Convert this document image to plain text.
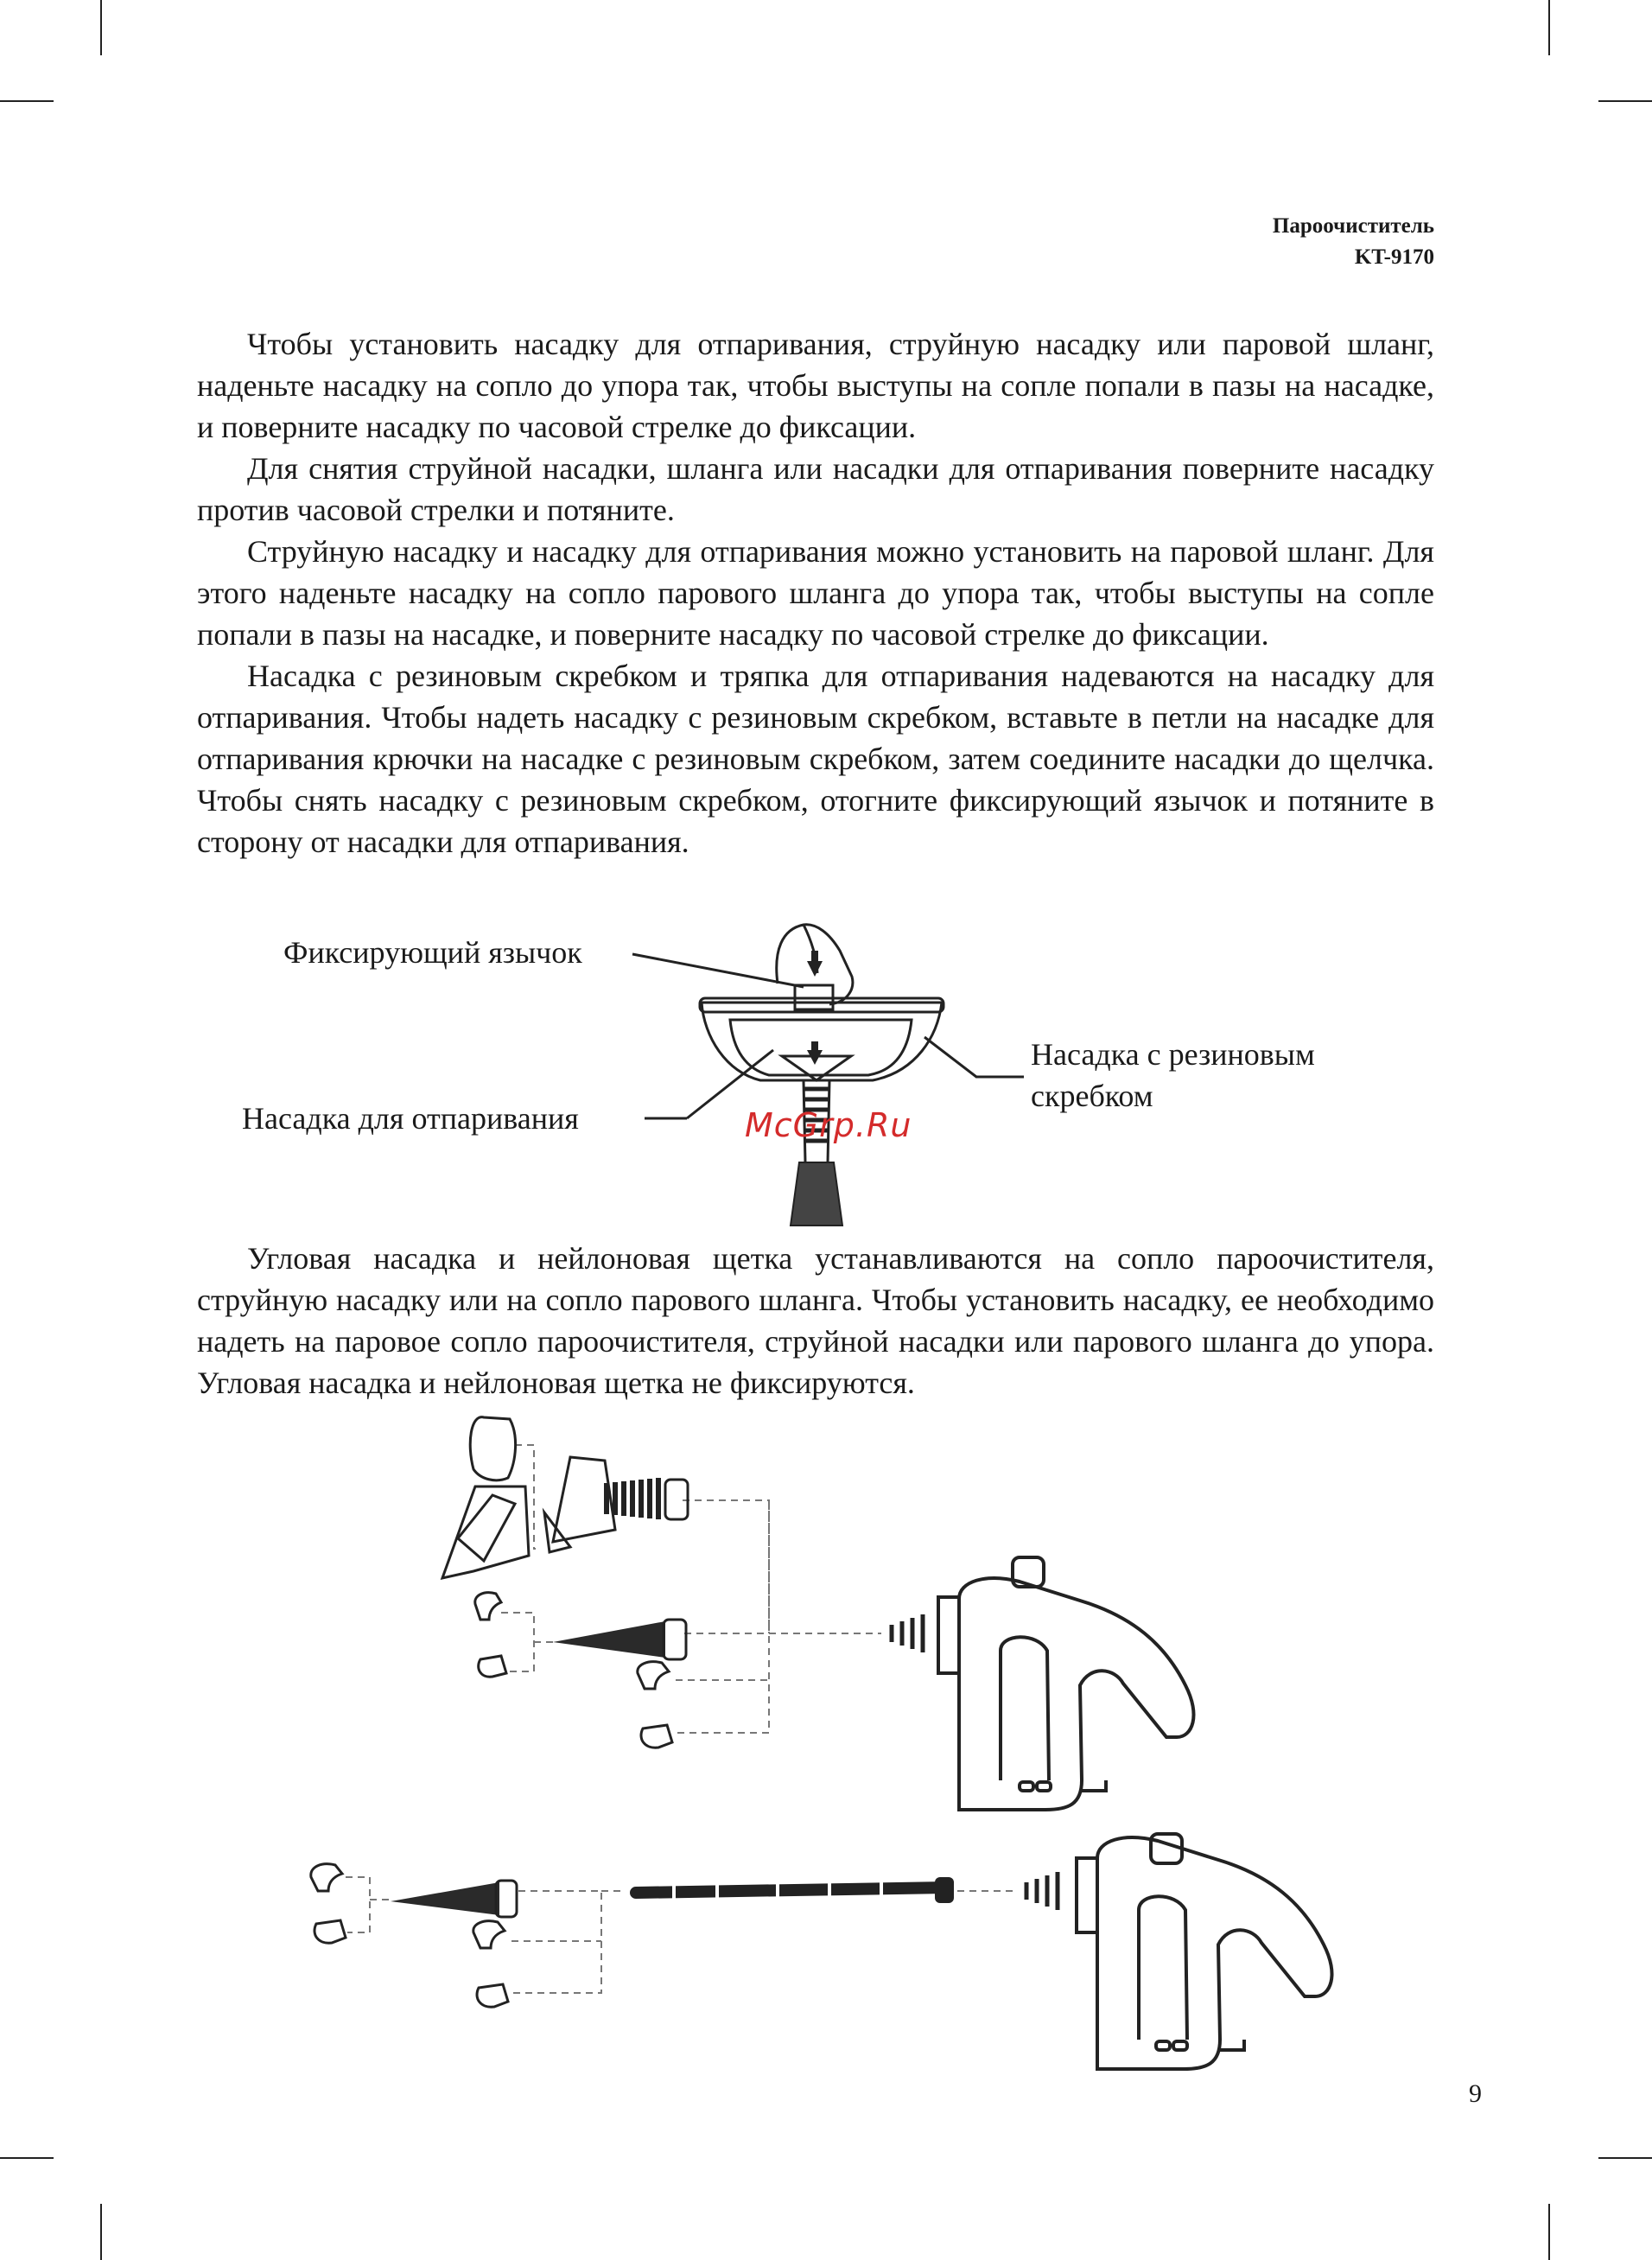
Пароочиститель
KT-9170

Чтобы установить насадку для отпаривания, струйную насадку или паровой шланг, наденьте насадку на сопло до упора так, чтобы выступы на сопле попали в пазы на насадке, и поверните насадку по часовой стрелке до фиксации.

Для снятия струйной насадки, шланга или насадки для отпаривания поверните насадку против часовой стрелки и потяните.

Струйную насадку и насадку для отпаривания можно установить на паровой шланг. Для этого наденьте насадку на сопло парового шланга до упора так, чтобы выступы на сопле попали в пазы на насадке, и поверните насадку по часовой стрелке до фиксации.

Насадка с резиновым скребком и тряпка для отпаривания надеваются на насадку для отпаривания. Чтобы надеть насадку с резиновым скребком, вставьте в петли на насадке для отпаривания крючки на насадке с резиновым скребком, затем соедините насадки до щелчка. Чтобы снять насадку с резиновым скребком, отогните фиксирующий язычок и потяните в сторону от насадки для отпаривания.

Фиксирующий язычок
Насадка для отпаривания
Насадка с резиновым
скребком
McGrp.Ru

Угловая насадка и нейлоновая щетка устанавливаются на сопло пароочистителя, струйную насадку или на сопло парового шланга. Чтобы установить насадку, ее необходимо надеть на паровое сопло пароочистителя, струйной насадки или парового шланга до упора. Угловая насадка и нейлоновая щетка не фиксируются.

9
